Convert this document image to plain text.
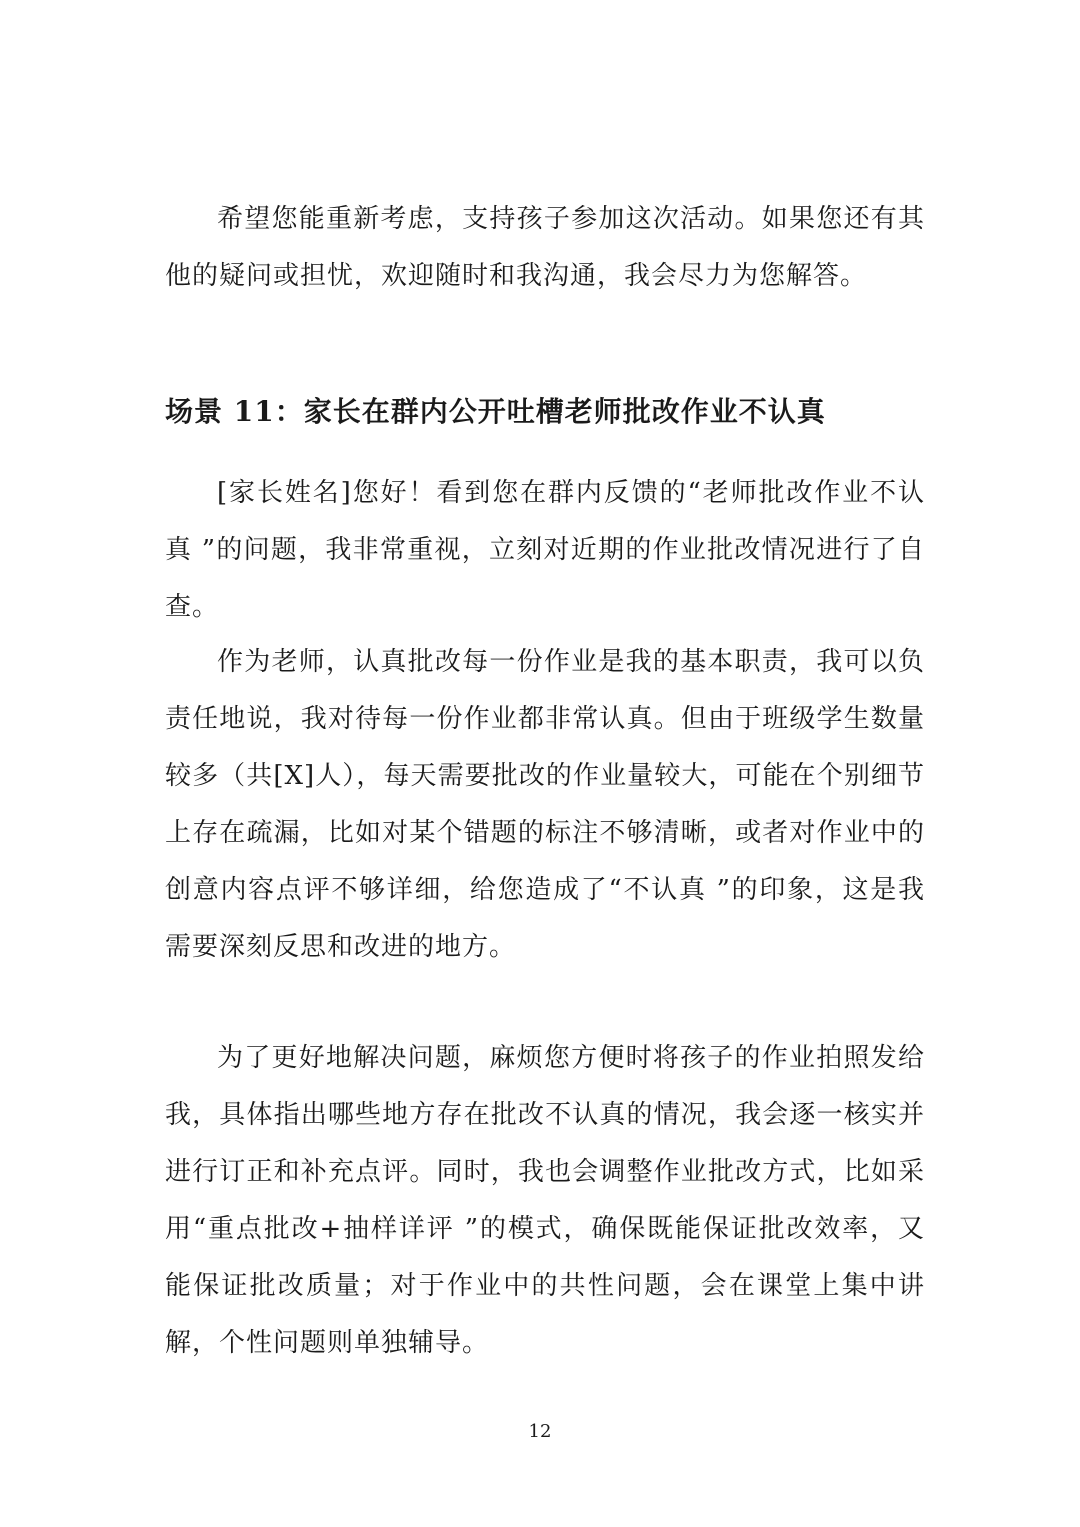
希望您能重新考虑，支持孩子参加这次活动。如果您还有其他的疑问或担忧，欢迎随时和我沟通，我会尽力为您解答。

场景 11：家长在群内公开吐槽老师批改作业不认真

[家长姓名]您好！看到您在群内反馈的“老师批改作业不认真 ”的问题，我非常重视，立刻对近期的作业批改情况进行了自查。

作为老师，认真批改每一份作业是我的基本职责，我可以负责任地说，我对待每一份作业都非常认真。但由于班级学生数量较多（共[X]人），每天需要批改的作业量较大，可能在个别细节上存在疏漏，比如对某个错题的标注不够清晰，或者对作业中的创意内容点评不够详细，给您造成了“不认真 ”的印象，这是我需要深刻反思和改进的地方。

为了更好地解决问题，麻烦您方便时将孩子的作业拍照发给我，具体指出哪些地方存在批改不认真的情况，我会逐一核实并进行订正和补充点评。同时，我也会调整作业批改方式，比如采用“重点批改+抽样详评 ”的模式，确保既能保证批改效率，又能保证批改质量；对于作业中的共性问题，会在课堂上集中讲解，个性问题则单独辅导。

12
